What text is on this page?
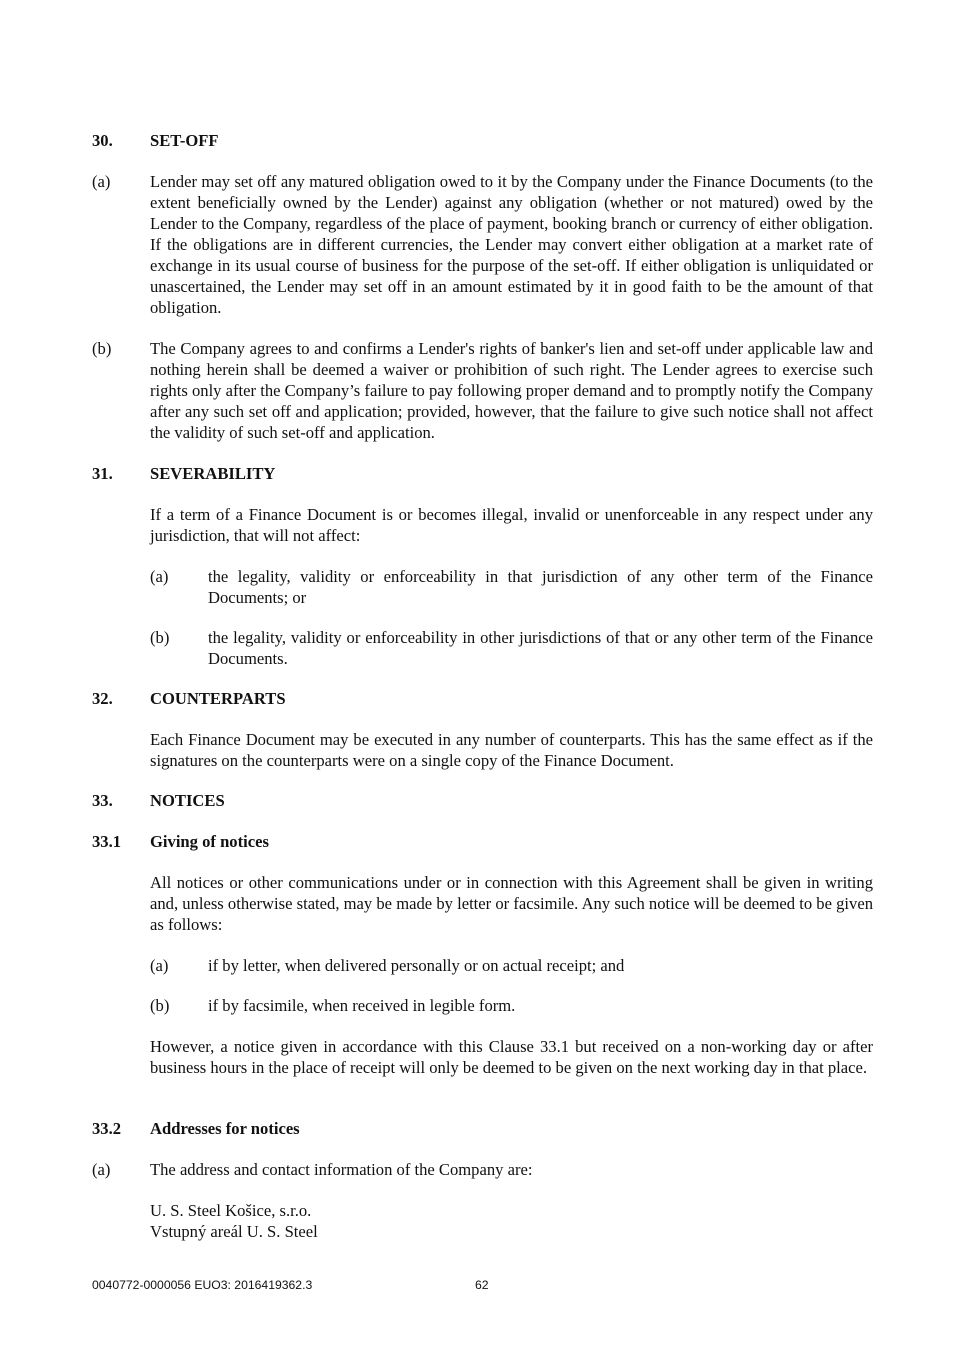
30. SET-OFF
(a) Lender may set off any matured obligation owed to it by the Company under the Finance Documents (to the extent beneficially owned by the Lender) against any obligation (whether or not matured) owed by the Lender to the Company, regardless of the place of payment, booking branch or currency of either obligation. If the obligations are in different currencies, the Lender may convert either obligation at a market rate of exchange in its usual course of business for the purpose of the set-off. If either obligation is unliquidated or unascertained, the Lender may set off in an amount estimated by it in good faith to be the amount of that obligation.
(b) The Company agrees to and confirms a Lender's rights of banker's lien and set-off under applicable law and nothing herein shall be deemed a waiver or prohibition of such right. The Lender agrees to exercise such rights only after the Company’s failure to pay following proper demand and to promptly notify the Company after any such set off and application; provided, however, that the failure to give such notice shall not affect the validity of such set-off and application.
31. SEVERABILITY
If a term of a Finance Document is or becomes illegal, invalid or unenforceable in any respect under any jurisdiction, that will not affect:
(a) the legality, validity or enforceability in that jurisdiction of any other term of the Finance Documents; or
(b) the legality, validity or enforceability in other jurisdictions of that or any other term of the Finance Documents.
32. COUNTERPARTS
Each Finance Document may be executed in any number of counterparts. This has the same effect as if the signatures on the counterparts were on a single copy of the Finance Document.
33. NOTICES
33.1 Giving of notices
All notices or other communications under or in connection with this Agreement shall be given in writing and, unless otherwise stated, may be made by letter or facsimile. Any such notice will be deemed to be given as follows:
(a) if by letter, when delivered personally or on actual receipt; and
(b) if by facsimile, when received in legible form.
However, a notice given in accordance with this Clause 33.1 but received on a non-working day or after business hours in the place of receipt will only be deemed to be given on the next working day in that place.
33.2 Addresses for notices
(a) The address and contact information of the Company are:
U. S. Steel Košice, s.r.o.
Vstupný areál U. S. Steel
0040772-0000056 EUO3: 2016419362.3	62
